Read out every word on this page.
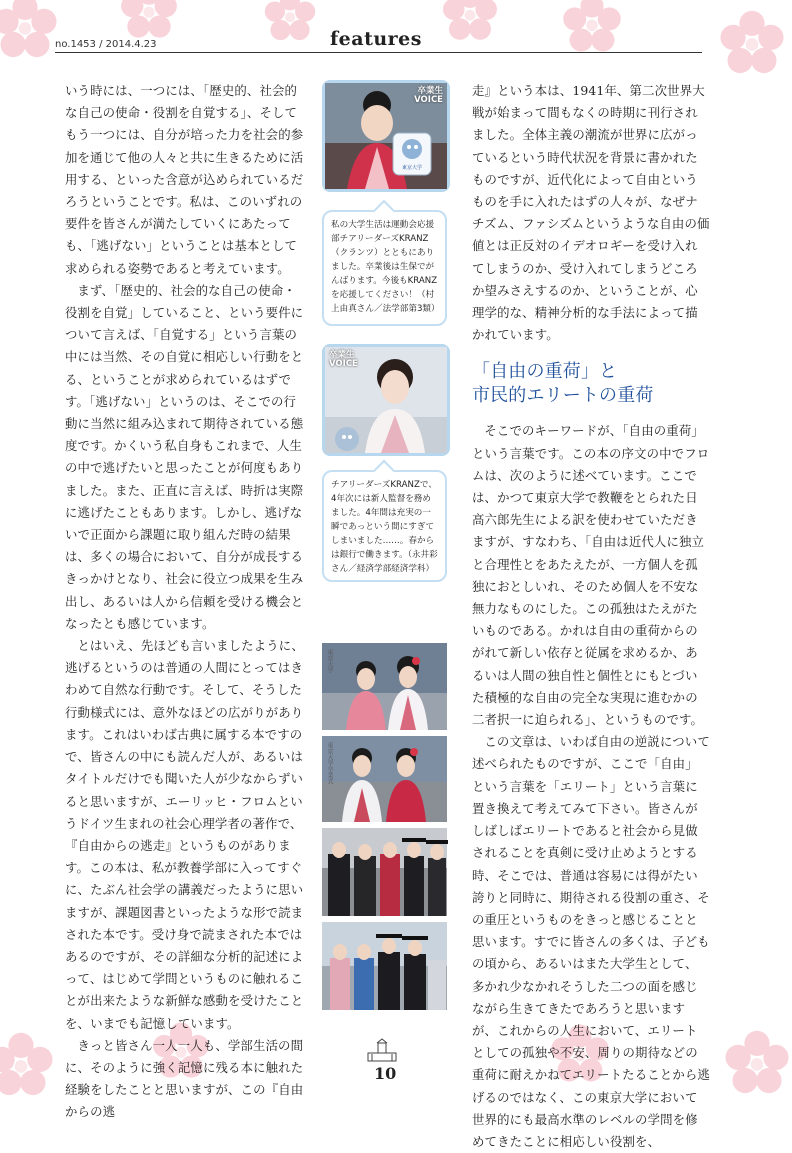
no.1453 / 2014.4.23	features

いう時には、一つには、「歴史的、社会的な自己の使命・役割を自覚する」、そしてもう一つには、自分が培った力を社会的参加を通じて他の人々と共に生きるために活用する、といった含意が込められているだろうということです。私は、このいずれの要件を皆さんが満たしていくにあたっても、「逃げない」ということは基本として求められる姿勢であると考えています。

まず、「歴史的、社会的な自己の使命・役割を自覚」していること、という要件について言えば、「自覚する」という言葉の中には当然、その自覚に相応しい行動をとる、ということが求められているはずです。「逃げない」というのは、そこでの行動に当然に組み込まれて期待されている態度です。かくいう私自身もこれまで、人生の中で逃げたいと思ったことが何度もありました。また、正直に言えば、時折は実際に逃げたこともあります。しかし、逃げないで正面から課題に取り組んだ時の結果は、多くの場合において、自分が成長するきっかけとなり、社会に役立つ成果を生み出し、あるいは人から信頼を受ける機会となったとも感じています。

とはいえ、先ほども言いましたように、逃げるというのは普通の人間にとってはきわめて自然な行動です。そして、そうした行動様式には、意外なほどの広がりがあります。これはいわば古典に属する本ですので、皆さんの中にも読んだ人が、あるいはタイトルだけでも聞いた人が少なからずいると思いますが、エーリッヒ・フロムというドイツ生まれの社会心理学者の著作で、『自由からの逃走』というものがあります。この本は、私が教養学部に入ってすぐに、たぶん社会学の講義だったように思いますが、課題図書といったような形で読まされた本です。受け身で読まされた本ではあるのですが、その詳細な分析的記述によって、はじめて学問というものに触れることが出来たような新鮮な感動を受けたことを、いまでも記憶しています。

きっと皆さん一人一人も、学部生活の間に、そのように強く記憶に残る本に触れた経験をしたことと思いますが、この『自由からの逃

東京大学
卒業生
VOICE

私の大学生活は運動会応援部チアリーダーズKRANZ（クランツ）とともにありました。卒業後は生保でがんばります。今後もKRANZを応援してください！（村上由真さん／法学部第3類）

卒業生
VOICE

チアリーダーズKRANZで、4年次には新人監督を務めました。4年間は充実の一瞬であっという間にすぎてしまいました……。春からは銀行で働きます。（永井彩さん／経済学部経済学科）

東京大学
東京大学卒業式

走』という本は、1941年、第二次世界大戦が始まって間もなくの時期に刊行されました。全体主義の潮流が世界に広がっているという時代状況を背景に書かれたものですが、近代化によって自由というものを手に入れたはずの人々が、なぜナチズム、ファシズムというような自由の価値とは正反対のイデオロギーを受け入れてしまうのか、受け入れてしまうどころか望みさえするのか、ということが、心理学的な、精神分析的な手法によって描かれています。

「自由の重荷」と
市民的エリートの重荷

そこでのキーワードが、「自由の重荷」という言葉です。この本の序文の中でフロムは、次のように述べています。ここでは、かつて東京大学で教鞭をとられた日高六郎先生による訳を使わせていただきますが、すなわち、「自由は近代人に独立と合理性とをあたえたが、一方個人を孤独におとしいれ、そのため個人を不安な無力なものにした。この孤独はたえがたいものである。かれは自由の重荷からのがれて新しい依存と従属を求めるか、あるいは人間の独自性と個性とにもとづいた積極的な自由の完全な実現に進むかの二者択一に迫られる」、というものです。

この文章は、いわば自由の逆説について述べられたものですが、ここで「自由」という言葉を「エリート」という言葉に置き換えて考えてみて下さい。皆さんがしばしばエリートであると社会から見做されることを真剣に受け止めようとする時、そこでは、普通は容易には得がたい誇りと同時に、期待される役割の重さ、その重圧というものをきっと感じることと思います。すでに皆さんの多くは、子どもの頃から、あるいはまた大学生として、多かれ少なかれそうした二つの面を感じながら生きてきたであろうと思いますが、これからの人生において、エリートとしての孤独や不安、周りの期待などの重荷に耐えかねてエリートたることから逃げるのではなく、この東京大学において世界的にも最高水準のレベルの学問を修めてきたことに相応しい役割を、

10
